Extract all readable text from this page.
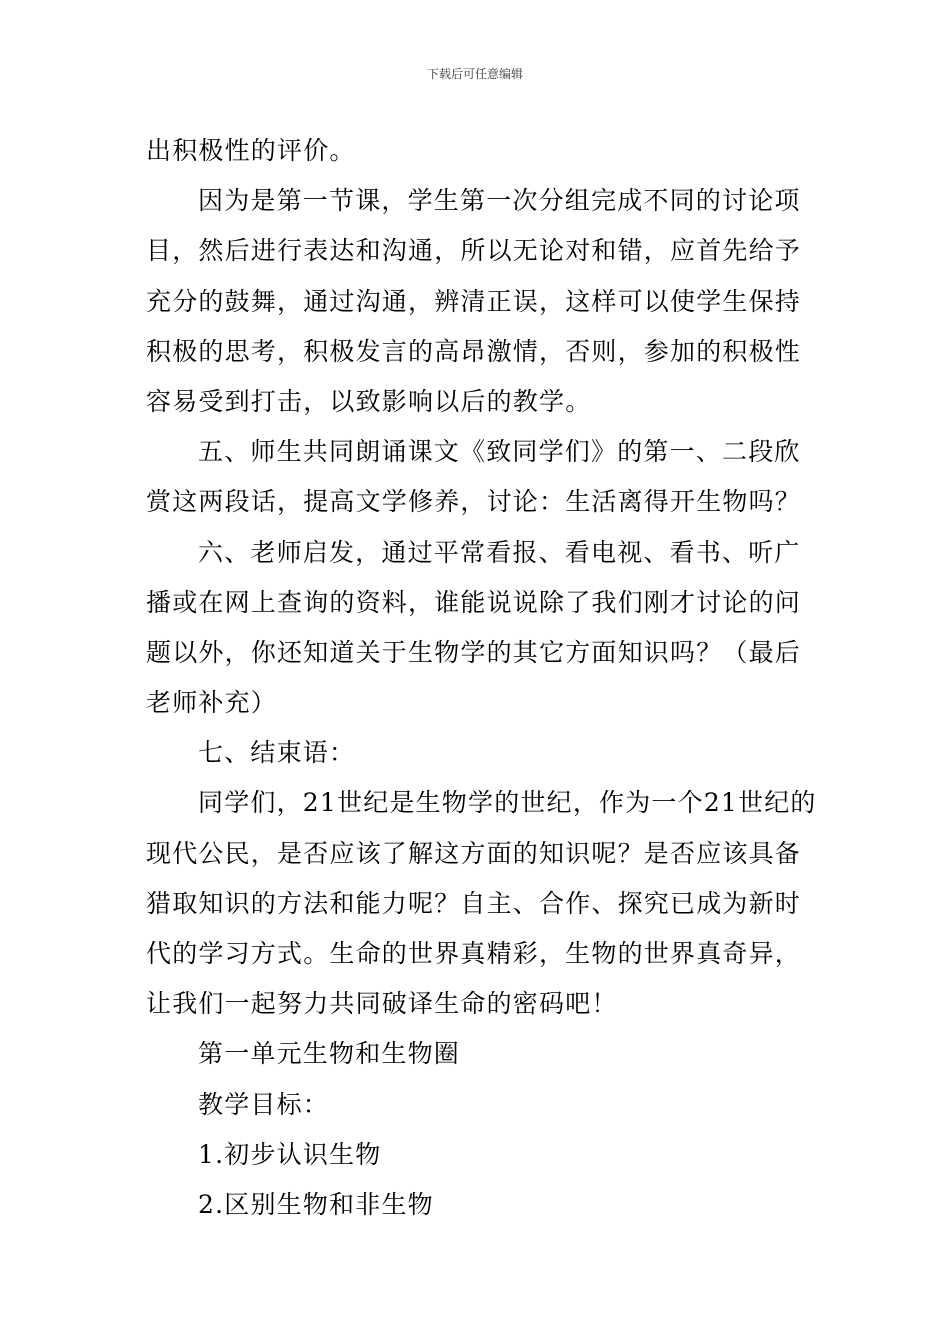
下载后可任意编辑
出积极性的评价。
因为是第一节课，学生第一次分组完成不同的讨论项
目，然后进行表达和沟通，所以无论对和错，应首先给予
充分的鼓舞，通过沟通，辨清正误，这样可以使学生保持
积极的思考，积极发言的高昂激情，否则，参加的积极性
容易受到打击，以致影响以后的教学。
五、师生共同朗诵课文《致同学们》的第一、二段欣
赏这两段话，提高文学修养，讨论：生活离得开生物吗？
六、老师启发，通过平常看报、看电视、看书、听广
播或在网上查询的资料，谁能说说除了我们刚才讨论的问
题以外，你还知道关于生物学的其它方面知识吗？（最后
老师补充）
七、结束语：
同学们，21世纪是生物学的世纪，作为一个21世纪的
现代公民，是否应该了解这方面的知识呢？是否应该具备
猎取知识的方法和能力呢？自主、合作、探究已成为新时
代的学习方式。生命的世界真精彩，生物的世界真奇异，
让我们一起努力共同破译生命的密码吧！
第一单元生物和生物圈
教学目标：
1.初步认识生物
2.区别生物和非生物
